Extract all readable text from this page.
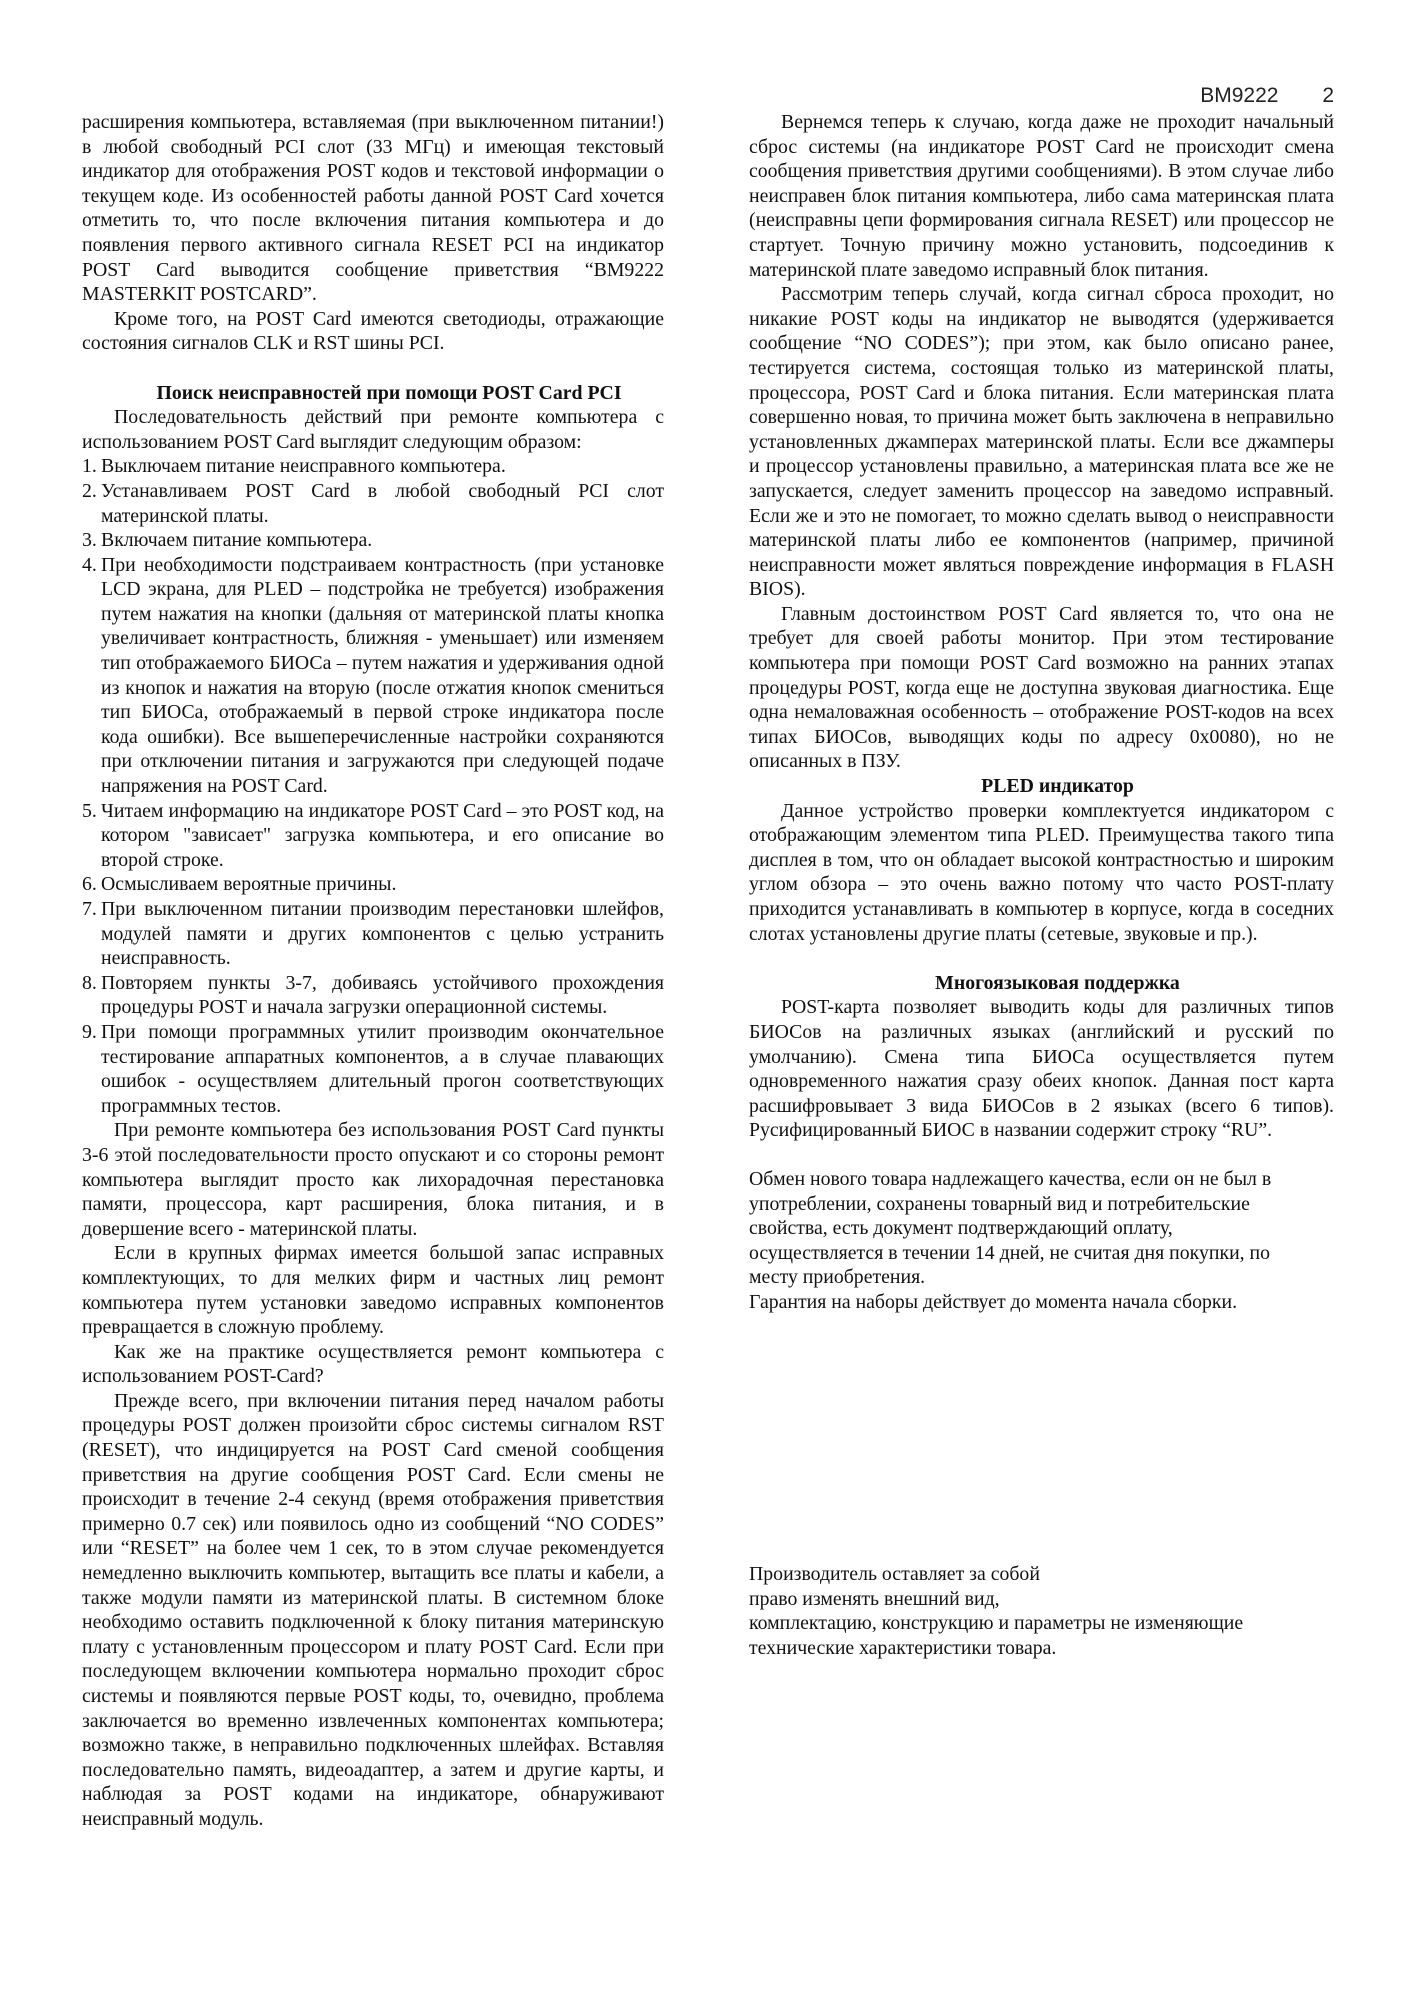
BM9222 2

расширения компьютера, вставляемая (при выключенном питании!) в любой свободный PCI слот (33 МГц) и имеющая текстовый индикатор для отображения POST кодов и текстовой информации о текущем коде. Из особенностей работы данной POST Card хочется отметить то, что после включения питания компьютера и до появления первого активного сигнала RESET PCI на индикатор POST Card выводится сообщение приветствия “BM9222 MASTERKIT POSTCARD”.

Кроме того, на POST Card имеются светодиоды, отражающие состояния сигналов CLK и RST шины PCI.

Поиск неисправностей при помощи POST Card PCI

Последовательность действий при ремонте компьютера с использованием POST Card выглядит следующим образом:

1. Выключаем питание неисправного компьютера.
2. Устанавливаем POST Card в любой свободный PCI слот материнской платы.
3. Включаем питание компьютера.
4. При необходимости подстраиваем контрастность (при установке LCD экрана, для PLED – подстройка не требуется) изображения путем нажатия на кнопки (дальняя от материнской платы кнопка увеличивает контрастность, ближняя - уменьшает) или изменяем тип отображаемого БИОСа – путем нажатия и удерживания одной из кнопок и нажатия на вторую (после отжатия кнопок смениться тип БИОСа, отображаемый в первой строке индикатора после кода ошибки). Все вышеперечисленные настройки сохраняются при отключении питания и загружаются при следующей подаче напряжения на POST Card.
5. Читаем информацию на индикаторе POST Card – это POST код, на котором "зависает" загрузка компьютера, и его описание во второй строке.
6. Осмысливаем вероятные причины.
7. При выключенном питании производим перестановки шлейфов, модулей памяти и других компонентов с целью устранить неисправность.
8. Повторяем пункты 3-7, добиваясь устойчивого прохождения процедуры POST и начала загрузки операционной системы.
9. При помощи программных утилит производим окончательное тестирование аппаратных компонентов, а в случае плавающих ошибок - осуществляем длительный прогон соответствующих программных тестов.

При ремонте компьютера без использования POST Card пункты 3-6 этой последовательности просто опускают и со стороны ремонт компьютера выглядит просто как лихорадочная перестановка памяти, процессора, карт расширения, блока питания, и в довершение всего - материнской платы.

Если в крупных фирмах имеется большой запас исправных комплектующих, то для мелких фирм и частных лиц ремонт компьютера путем установки заведомо исправных компонентов превращается в сложную проблему.

Как же на практике осуществляется ремонт компьютера с использованием POST-Card?

Прежде всего, при включении питания перед началом работы процедуры POST должен произойти сброс системы сигналом RST (RESET), что индицируется на POST Card сменой сообщения приветствия на другие сообщения POST Card. Если смены не происходит в течение 2-4 секунд (время отображения приветствия примерно 0.7 сек) или появилось одно из сообщений “NO CODES” или “RESET” на более чем 1 сек, то в этом случае рекомендуется немедленно выключить компьютер, вытащить все платы и кабели, а также модули памяти из материнской платы. В системном блоке необходимо оставить подключенной к блоку питания материнскую плату с установленным процессором и плату POST Card. Если при последующем включении компьютера нормально проходит сброс системы и появляются первые POST коды, то, очевидно, проблема заключается во временно извлеченных компонентах компьютера; возможно также, в неправильно подключенных шлейфах. Вставляя последовательно память, видеоадаптер, а затем и другие карты, и наблюдая за POST кодами на индикаторе, обнаруживают неисправный модуль.

Вернемся теперь к случаю, когда даже не проходит начальный сброс системы (на индикаторе POST Card не происходит смена сообщения приветствия другими сообщениями). В этом случае либо неисправен блок питания компьютера, либо сама материнская плата (неисправны цепи формирования сигнала RESET) или процессор не стартует. Точную причину можно установить, подсоединив к материнской плате заведомо исправный блок питания.

Рассмотрим теперь случай, когда сигнал сброса проходит, но никакие POST коды на индикатор не выводятся (удерживается сообщение “NO CODES”); при этом, как было описано ранее, тестируется система, состоящая только из материнской платы, процессора, POST Card и блока питания. Если материнская плата совершенно новая, то причина может быть заключена в неправильно установленных джамперах материнской платы. Если все джамперы и процессор установлены правильно, а материнская плата все же не запускается, следует заменить процессор на заведомо исправный. Если же и это не помогает, то можно сделать вывод о неисправности материнской платы либо ее компонентов (например, причиной неисправности может являться повреждение информация в FLASH BIOS).

Главным достоинством POST Card является то, что она не требует для своей работы монитор. При этом тестирование компьютера при помощи POST Card возможно на ранних этапах процедуры POST, когда еще не доступна звуковая диагностика. Еще одна немаловажная особенность – отображение POST-кодов на всех типах БИОСов, выводящих коды по адресу 0x0080), но не описанных в ПЗУ.

PLED индикатор

Данное устройство проверки комплектуется индикатором с отображающим элементом типа PLED. Преимущества такого типа дисплея в том, что он обладает высокой контрастностью и широким углом обзора – это очень важно потому что часто POST-плату приходится устанавливать в компьютер в корпусе, когда в соседних слотах установлены другие платы (сетевые, звуковые и пр.).

Многоязыковая поддержка

POST-карта позволяет выводить коды для различных типов БИОСов на различных языках (английский и русский по умолчанию). Смена типа БИОСа осуществляется путем одновременного нажатия сразу обеих кнопок. Данная пост карта расшифровывает 3 вида БИОСов в 2 языках (всего 6 типов). Русифицированный БИОС в названии содержит строку “RU”.

Обмен нового товара надлежащего качества, если он не был в

употреблении, сохранены товарный вид и потребительские

свойства, есть документ подтверждающий оплату,

осуществляется в течении 14 дней, не считая дня покупки, по

месту приобретения.

Гарантия на наборы действует до момента начала сборки.

Производитель оставляет за собой

право изменять внешний вид,

комплектацию, конструкцию и параметры не изменяющие

технические характеристики товара.
